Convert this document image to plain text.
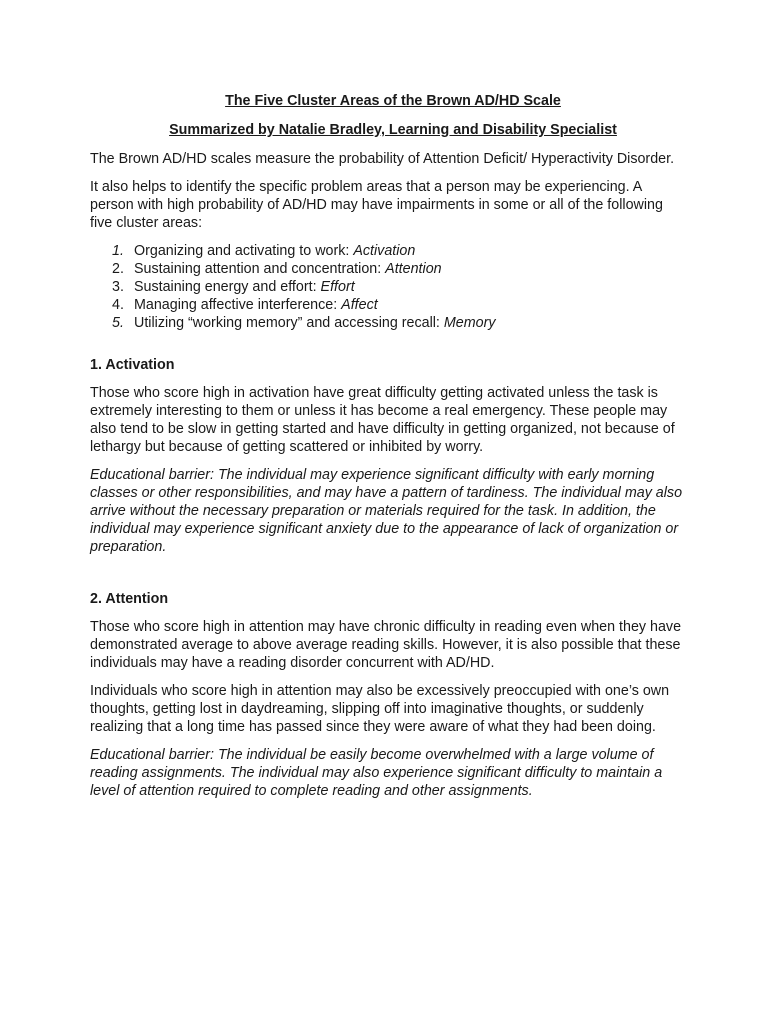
The Five Cluster Areas of the Brown AD/HD Scale

Summarized by Natalie Bradley, Learning and Disability Specialist

The Brown AD/HD scales measure the probability of Attention Deficit/ Hyperactivity Disorder.

It also helps to identify the specific problem areas that a person may be experiencing. A person with high probability of AD/HD may have impairments in some or all of the following five cluster areas:

1. Organizing and activating to work: Activation
2. Sustaining attention and concentration: Attention
3. Sustaining energy and effort: Effort
4. Managing affective interference: Affect
5. Utilizing “working memory” and accessing recall: Memory
1. Activation

Those who score high in activation have great difficulty getting activated unless the task is extremely interesting to them or unless it has become a real emergency. These people may also tend to be slow in getting started and have difficulty in getting organized, not because of lethargy but because of getting scattered or inhibited by worry.

Educational barrier: The individual may experience significant difficulty with early morning classes or other responsibilities, and may have a pattern of tardiness. The individual may also arrive without the necessary preparation or materials required for the task. In addition, the individual may experience significant anxiety due to the appearance of lack of organization or preparation.

2. Attention

Those who score high in attention may have chronic difficulty in reading even when they have demonstrated average to above average reading skills. However, it is also possible that these individuals may have a reading disorder concurrent with AD/HD.

Individuals who score high in attention may also be excessively preoccupied with one’s own thoughts, getting lost in daydreaming, slipping off into imaginative thoughts, or suddenly realizing that a long time has passed since they were aware of what they had been doing.

Educational barrier: The individual be easily become overwhelmed with a large volume of reading assignments. The individual may also experience significant difficulty to maintain a level of attention required to complete reading and other assignments.
